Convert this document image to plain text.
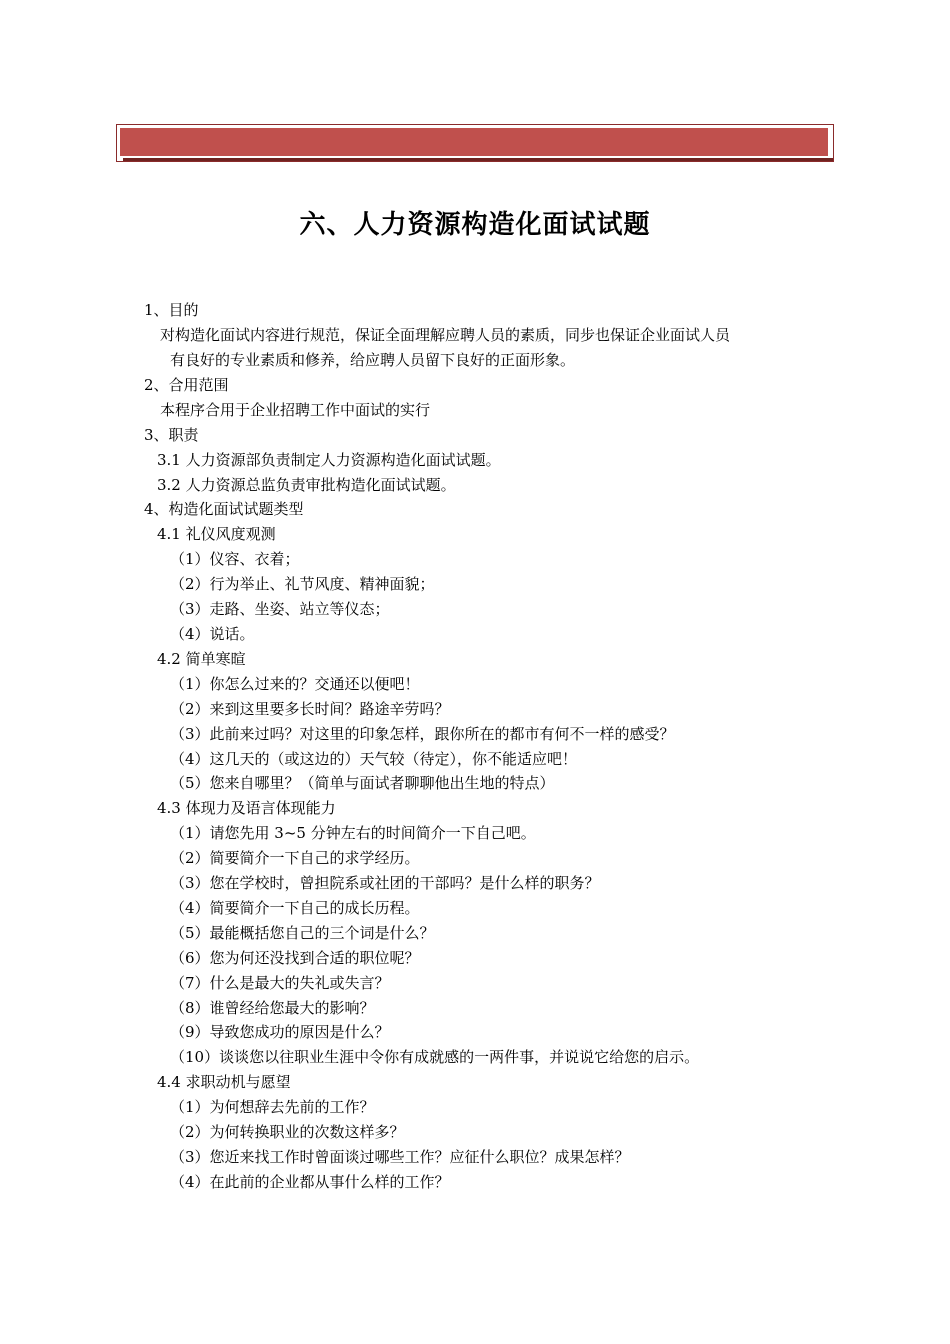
六、人力资源构造化面试试题
1、目的
对构造化面试内容进行规范，保证全面理解应聘人员的素质，同步也保证企业面试人员
有良好的专业素质和修养，给应聘人员留下良好的正面形象。
2、合用范围
本程序合用于企业招聘工作中面试的实行
3、职责
3.1 人力资源部负责制定人力资源构造化面试试题。
3.2 人力资源总监负责审批构造化面试试题。
4、构造化面试试题类型
4.1 礼仪风度观测
（1）仪容、衣着；
（2）行为举止、礼节风度、精神面貌；
（3）走路、坐姿、站立等仪态；
（4）说话。
4.2 简单寒暄
（1）你怎么过来的？交通还以便吧！
（2）来到这里要多长时间？路途辛劳吗？
（3）此前来过吗？对这里的印象怎样，跟你所在的都市有何不一样的感受？
（4）这几天的（或这边的）天气较（待定），你不能适应吧！
（5）您来自哪里？（简单与面试者聊聊他出生地的特点）
4.3 体现力及语言体现能力
（1）请您先用 3~5 分钟左右的时间简介一下自己吧。
（2）简要简介一下自己的求学经历。
（3）您在学校时，曾担院系或社团的干部吗？是什么样的职务？
（4）简要简介一下自己的成长历程。
（5）最能概括您自己的三个词是什么？
（6）您为何还没找到合适的职位呢？
（7）什么是最大的失礼或失言？
（8）谁曾经给您最大的影响？
（9）导致您成功的原因是什么？
（10）谈谈您以往职业生涯中令你有成就感的一两件事，并说说它给您的启示。
4.4 求职动机与愿望
（1）为何想辞去先前的工作？
（2）为何转换职业的次数这样多？
（3）您近来找工作时曾面谈过哪些工作？应征什么职位？成果怎样？
（4）在此前的企业都从事什么样的工作？
